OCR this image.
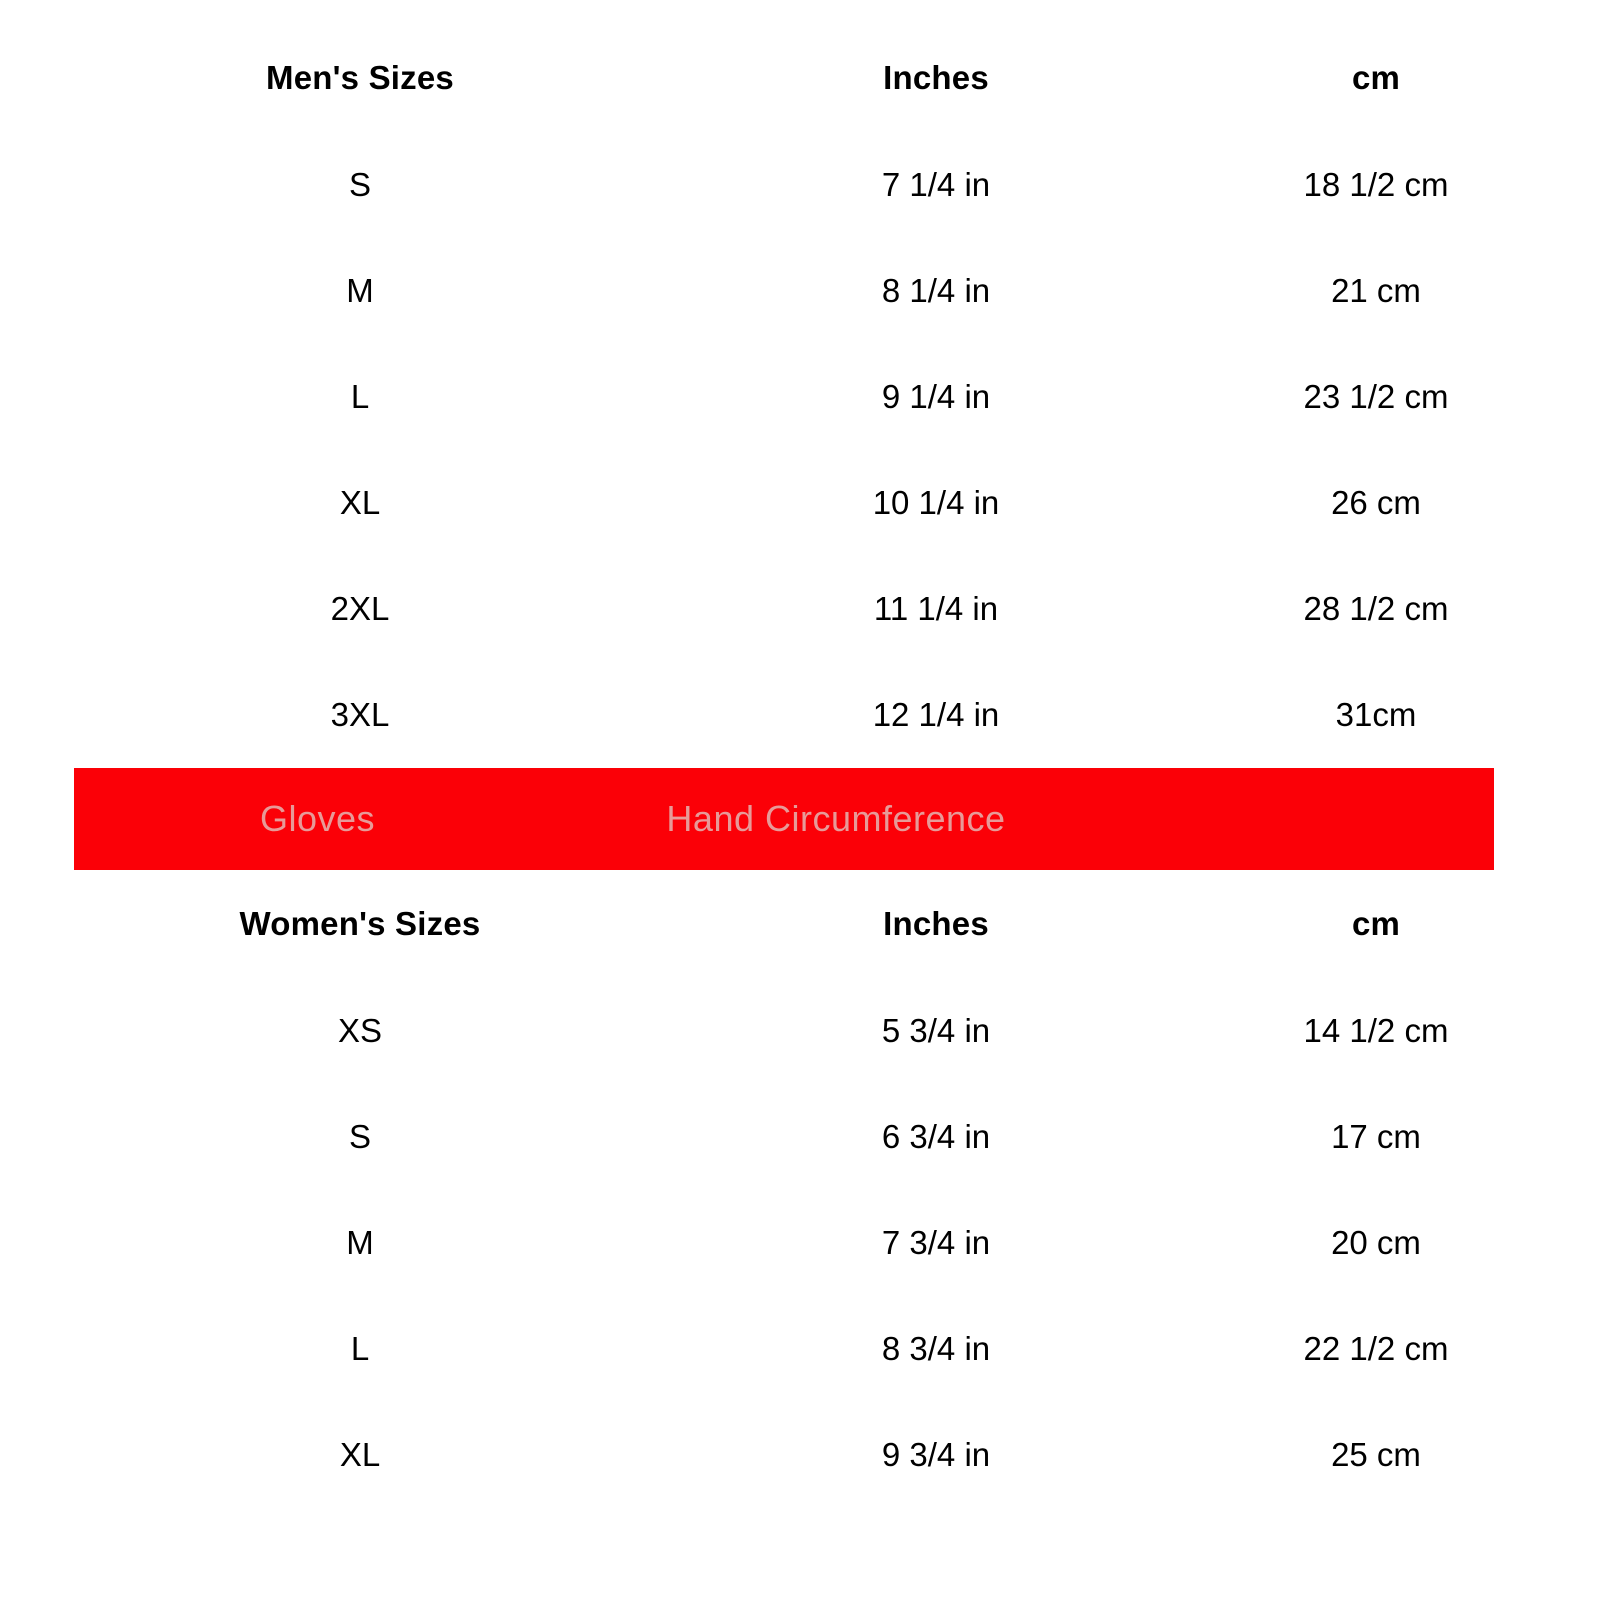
Men's Sizes	Inches	cm
S	7 1/4 in	18 1/2 cm
M	8 1/4 in	21 cm
L	9 1/4 in	23 1/2 cm
XL	10 1/4 in	26 cm
2XL	11 1/4 in	28 1/2 cm
3XL	12 1/4 in	31cm
Gloves	Hand Circumference
Women's Sizes	Inches	cm
XS	5 3/4 in	14 1/2 cm
S	6 3/4 in	17 cm
M	7 3/4 in	20 cm
L	8 3/4 in	22 1/2 cm
XL	9 3/4 in	25 cm
